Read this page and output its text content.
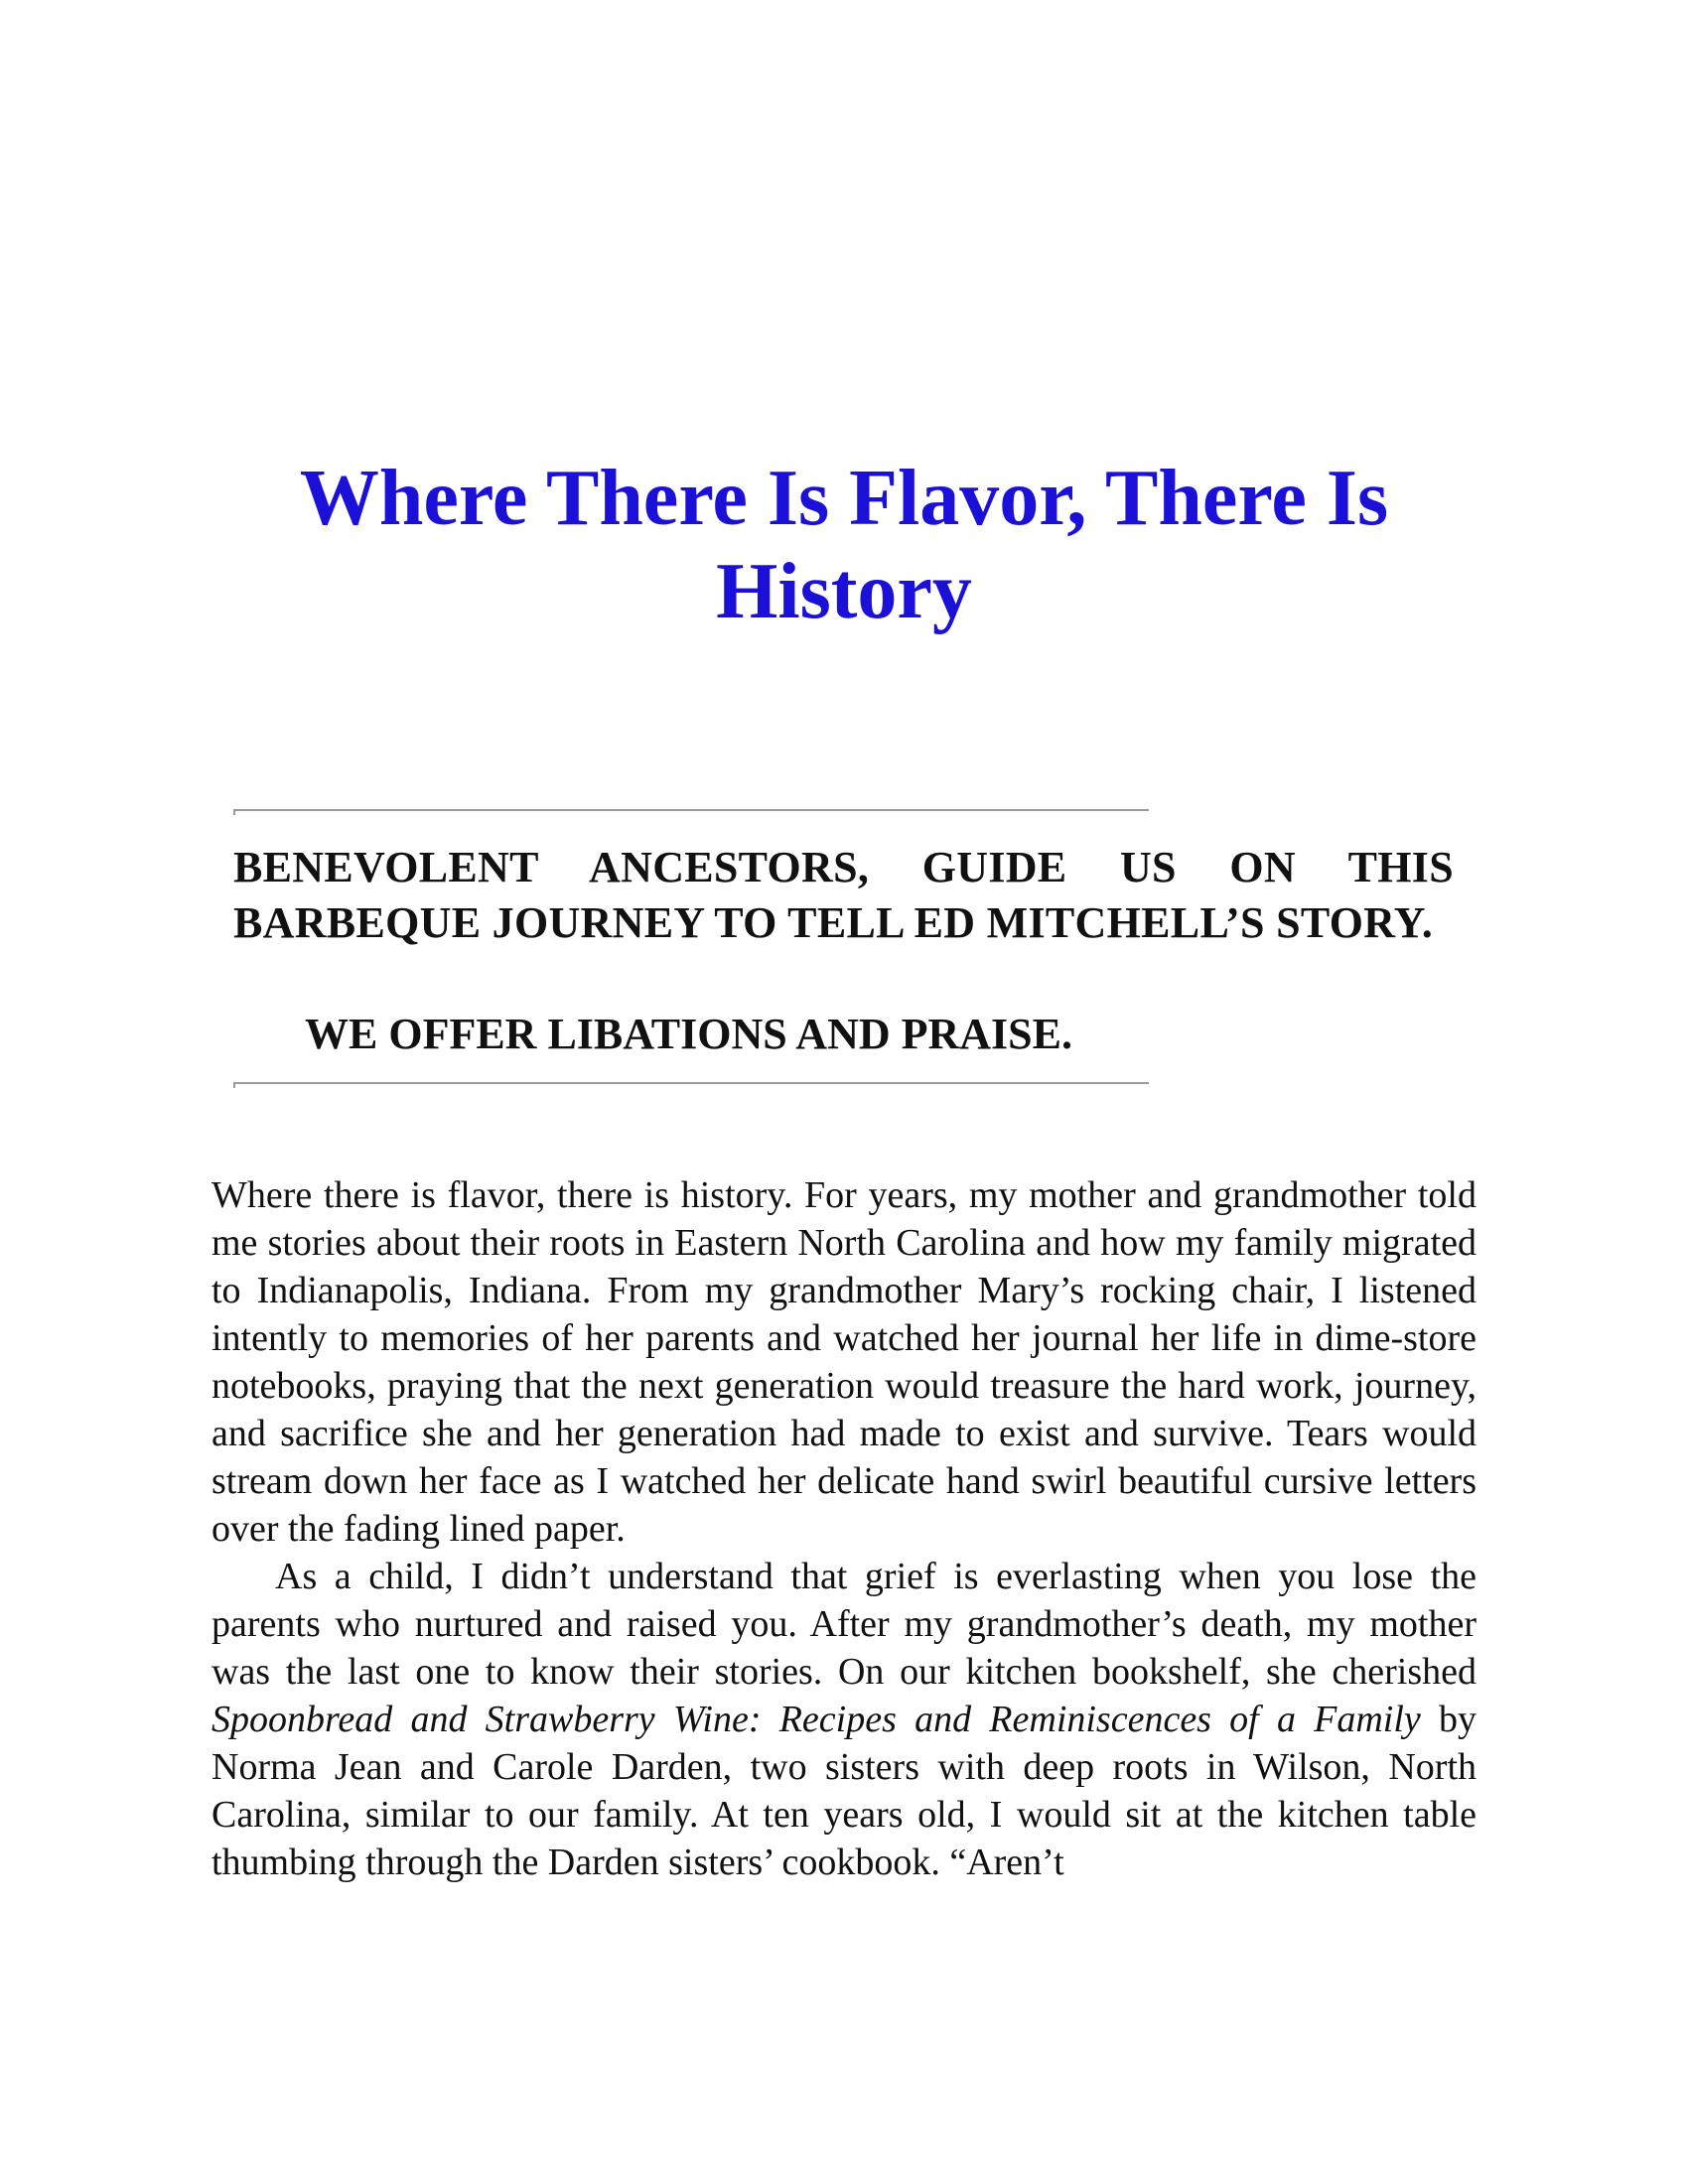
Where There Is Flavor, There Is History

BENEVOLENT ANCESTORS, GUIDE US ON THIS BARBEQUE JOURNEY TO TELL ED MITCHELL’S STORY.

WE OFFER LIBATIONS AND PRAISE.

Where there is flavor, there is history. For years, my mother and grandmother told me stories about their roots in Eastern North Carolina and how my family migrated to Indianapolis, Indiana. From my grandmother Mary’s rocking chair, I listened intently to memories of her parents and watched her journal her life in dime-store notebooks, praying that the next generation would treasure the hard work, journey, and sacrifice she and her generation had made to exist and survive. Tears would stream down her face as I watched her delicate hand swirl beautiful cursive letters over the fading lined paper.

As a child, I didn’t understand that grief is everlasting when you lose the parents who nurtured and raised you. After my grandmother’s death, my mother was the last one to know their stories. On our kitchen bookshelf, she cherished Spoonbread and Strawberry Wine: Recipes and Reminiscences of a Family by Norma Jean and Carole Darden, two sisters with deep roots in Wilson, North Carolina, similar to our family. At ten years old, I would sit at the kitchen table thumbing through the Darden sisters’ cookbook. “Aren’t
